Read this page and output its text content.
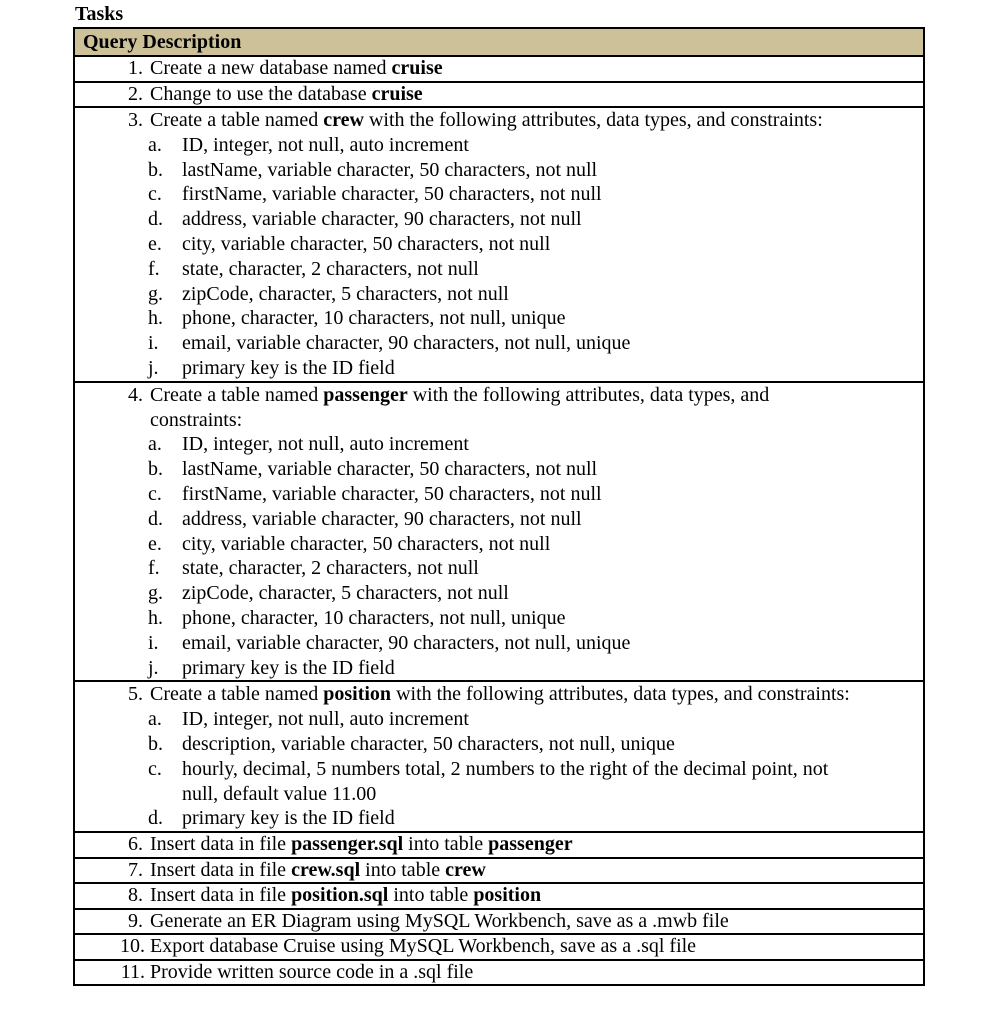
Tasks
Query Description

1. Create a new database named cruise

2. Change to use the database cruise

3. Create a table named crew with the following attributes, data types, and constraints:
a.	ID, integer, not null, auto increment
b. lastName, variable character, 50 characters, not null
c.	firstName, variable character, 50 characters, not null
d. address, variable character, 90 characters, not null
e.	city, variable character, 50 characters, not null
f.	state, character, 2 characters, not null
g. zipCode, character, 5 characters, not null
h. phone, character, 10 characters, not null, unique
i.	email, variable character, 90 characters, not null, unique
j.	primary key is the ID field

4. Create a table named passenger with the following attributes, data types, and
constraints:
a.	ID, integer, not null, auto increment
b. lastName, variable character, 50 characters, not null
c.	firstName, variable character, 50 characters, not null
d. address, variable character, 90 characters, not null
e.	city, variable character, 50 characters, not null
f.	state, character, 2 characters, not null
g. zipCode, character, 5 characters, not null
h. phone, character, 10 characters, not null, unique
i.	email, variable character, 90 characters, not null, unique
j.	primary key is the ID field

5. Create a table named position with the following attributes, data types, and constraints:
a.	ID, integer, not null, auto increment
b. description, variable character, 50 characters, not null, unique
c.	hourly, decimal, 5 numbers total, 2 numbers to the right of the decimal point, not
null, default value 11.00
d. primary key is the ID field

6. Insert data in file passenger.sql into table passenger

7. Insert data in file crew.sql into table crew

8. Insert data in file position.sql into table position

9. Generate an ER Diagram using MySQL Workbench, save as a .mwb file

10. Export database Cruise using MySQL Workbench, save as a .sql file

11. Provide written source code in a .sql file
